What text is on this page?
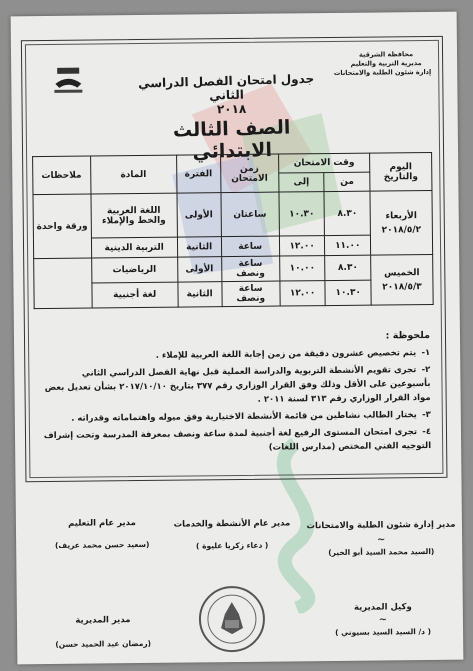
محافظة الشرقية
مديرية التربية والتعليم
إدارة شئون الطلبة والامتحانات
جدول امتحان الفصل الدراسي الثاني
٢٠١٨
الصف الثالث الابتدائي
اليوم والتاريخ	وقت الامتحان		زمن الامتحان	الفترة	المادة	ملاحظات
	من	إلى				

الأربعاء
٢٠١٨/٥/٢	٨.٣٠	١٠.٣٠	ساعتان	الأولى	اللغة العربية والخط والإملاء	ورقة واحدة
	١١.٠٠	١٢.٠٠	ساعة	الثانية	التربية الدينية	

الخميس
٢٠١٨/٥/٣	٨.٣٠	١٠.٠٠	ساعة ونصف	الأولى	الرياضيات	
	١٠.٣٠	١٢.٠٠	ساعة ونصف	الثانية	لغة أجنبية	
ملحوظة :
١-يتم تخصيص عشرون دقيقة من زمن إجابة اللغة العربية للإملاء .
٢-تجرى تقويم الأنشطة التربوية والدراسة العملية قبل نهاية الفصل الدراسي الثاني بأسبوعين على الأقل وذلك وفق القرار الوزاري رقم ٣٧٧ بتاريخ ٢٠١٧/١٠/١٠ بشأن تعديل بعض مواد القرار الوزاري رقم ٣١٣ لسنة ٢٠١١ .
٣-يختار الطالب نشاطين من قائمة الأنشطة الاختيارية وفق ميوله واهتماماته وقدراته .
٤-تجرى امتحان المستوى الرفيع لغة أجنبية لمدة ساعة ونصف بمعرفة المدرسة وتحت إشراف التوجيه الفني المختص (مدارس اللغات)
مدير إدارة شئون الطلبة والامتحانات
~
(السيد محمد السيد أبو الخير)
مدير عام الأنشطة والخدمات
( دعاء زكريا عليوة )
مدير عام التعليم
(سعيد حسن محمد عريف)
وكيل المديرية
~
( د/ السيد السيد بسيوني )
مدير المديرية
(رمضان عبد الحميد حسن)
